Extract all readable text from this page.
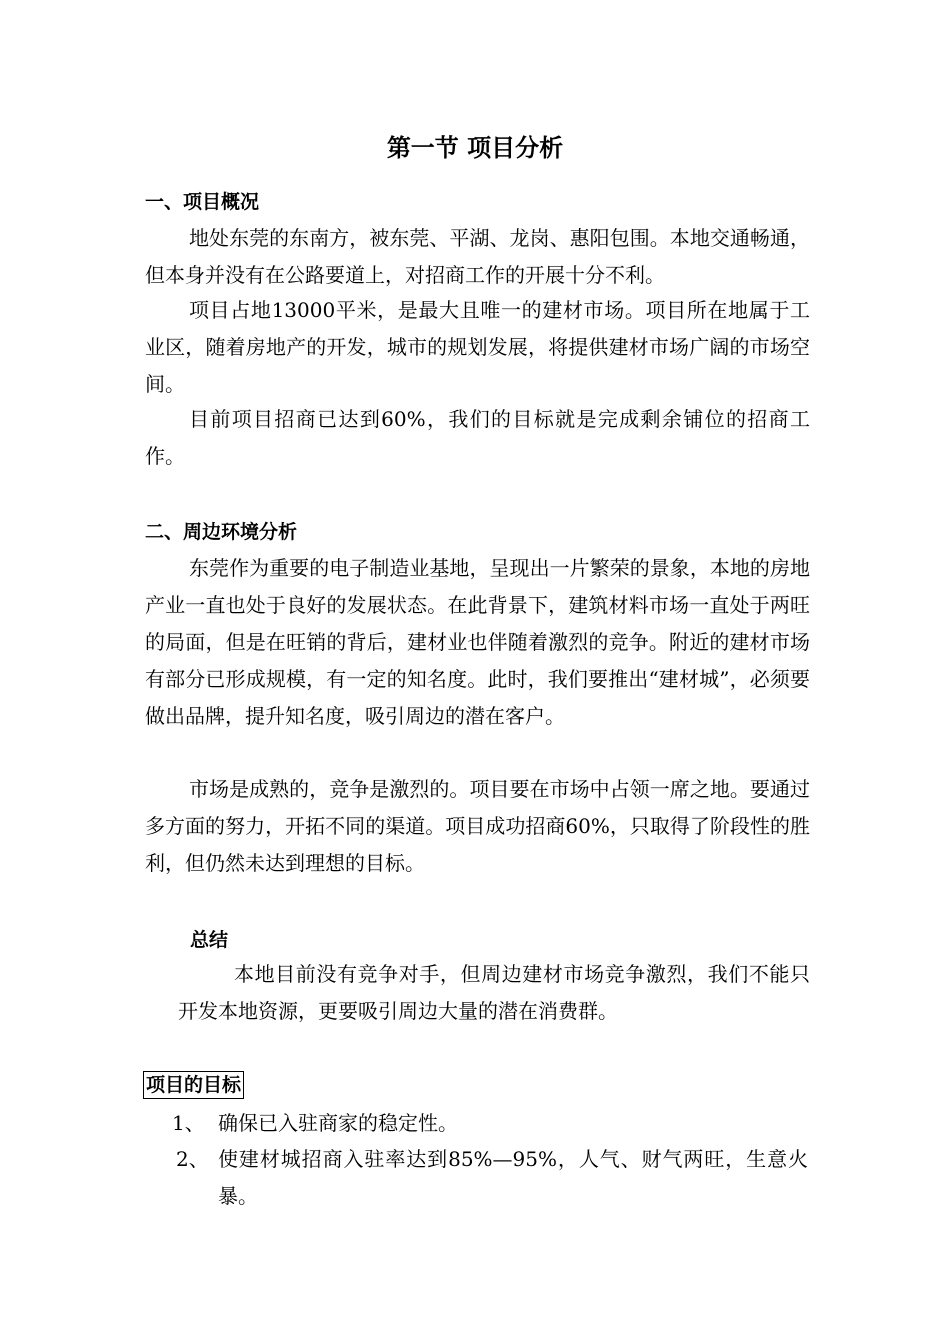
第一节 项目分析
一、项目概况

地处东莞的东南方，被东莞、平湖、龙岗、惠阳包围。本地交通畅通，但本身并没有在公路要道上，对招商工作的开展十分不利。

项目占地13000平米，是最大且唯一的建材市场。项目所在地属于工业区，随着房地产的开发，城市的规划发展，将提供建材市场广阔的市场空间。

目前项目招商已达到60%，我们的目标就是完成剩余铺位的招商工作。

二、周边环境分析

东莞作为重要的电子制造业基地，呈现出一片繁荣的景象，本地的房地产业一直也处于良好的发展状态。在此背景下，建筑材料市场一直处于两旺的局面，但是在旺销的背后，建材业也伴随着激烈的竞争。附近的建材市场有部分已形成规模，有一定的知名度。此时，我们要推出“建材城”，必须要做出品牌，提升知名度，吸引周边的潜在客户。

市场是成熟的，竞争是激烈的。项目要在市场中占领一席之地。要通过多方面的努力，开拓不同的渠道。项目成功招商60%，只取得了阶段性的胜利，但仍然未达到理想的目标。

总结

本地目前没有竞争对手，但周边建材市场竞争激烈，我们不能只开发本地资源，更要吸引周边大量的潜在消费群。

项目的目标
1、 确保已入驻商家的稳定性。
2、 使建材城招商入驻率达到85%—95%，人气、财气两旺，生意火暴。
